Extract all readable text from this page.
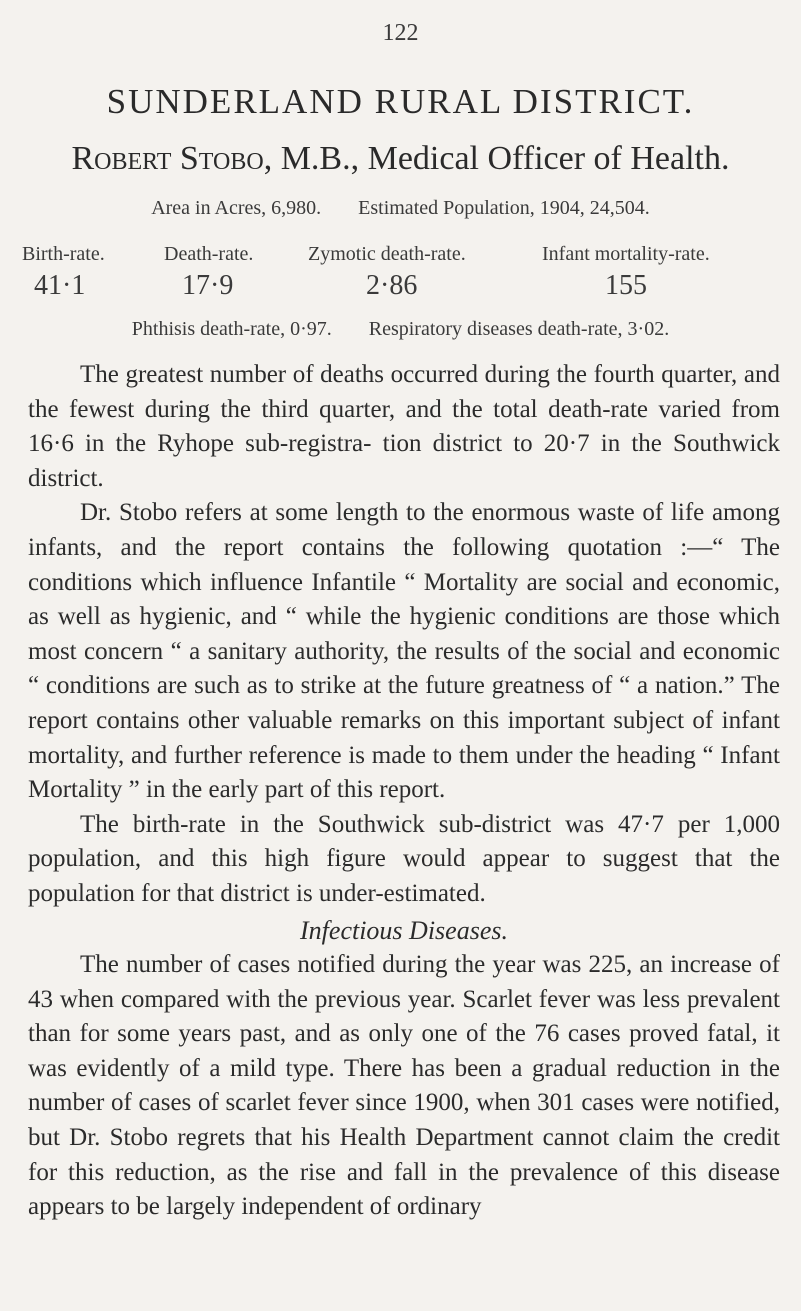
122
SUNDERLAND RURAL DISTRICT.
Robert Stobo, M.B., Medical Officer of Health.
Area in Acres, 6,980. Estimated Population, 1904, 24,504.
Birth-rate.	Death-rate.	Zymotic death-rate.	Infant mortality-rate.
41·1	17·9	2·86	155
Phthisis death-rate, 0·97. Respiratory diseases death-rate, 3·02.

The greatest number of deaths occurred during the fourth quarter, and the fewest during the third quarter, and the total death-rate varied from 16·6 in the Ryhope sub-registra- tion district to 20·7 in the Southwick district.

Dr. Stobo refers at some length to the enormous waste of life among infants, and the report contains the following quotation :—“ The conditions which influence Infantile “ Mortality are social and economic, as well as hygienic, and “ while the hygienic conditions are those which most concern “ a sanitary authority, the results of the social and economic “ conditions are such as to strike at the future greatness of “ a nation.” The report contains other valuable remarks on this important subject of infant mortality, and further reference is made to them under the heading “ Infant Mortality ” in the early part of this report.

The birth-rate in the Southwick sub-district was 47·7 per 1,000 population, and this high figure would appear to suggest that the population for that district is under-estimated.

Infectious Diseases.

The number of cases notified during the year was 225, an increase of 43 when compared with the previous year. Scarlet fever was less prevalent than for some years past, and as only one of the 76 cases proved fatal, it was evidently of a mild type. There has been a gradual reduction in the number of cases of scarlet fever since 1900, when 301 cases were notified, but Dr. Stobo regrets that his Health Department cannot claim the credit for this reduction, as the rise and fall in the prevalence of this disease appears to be largely independent of ordinary
